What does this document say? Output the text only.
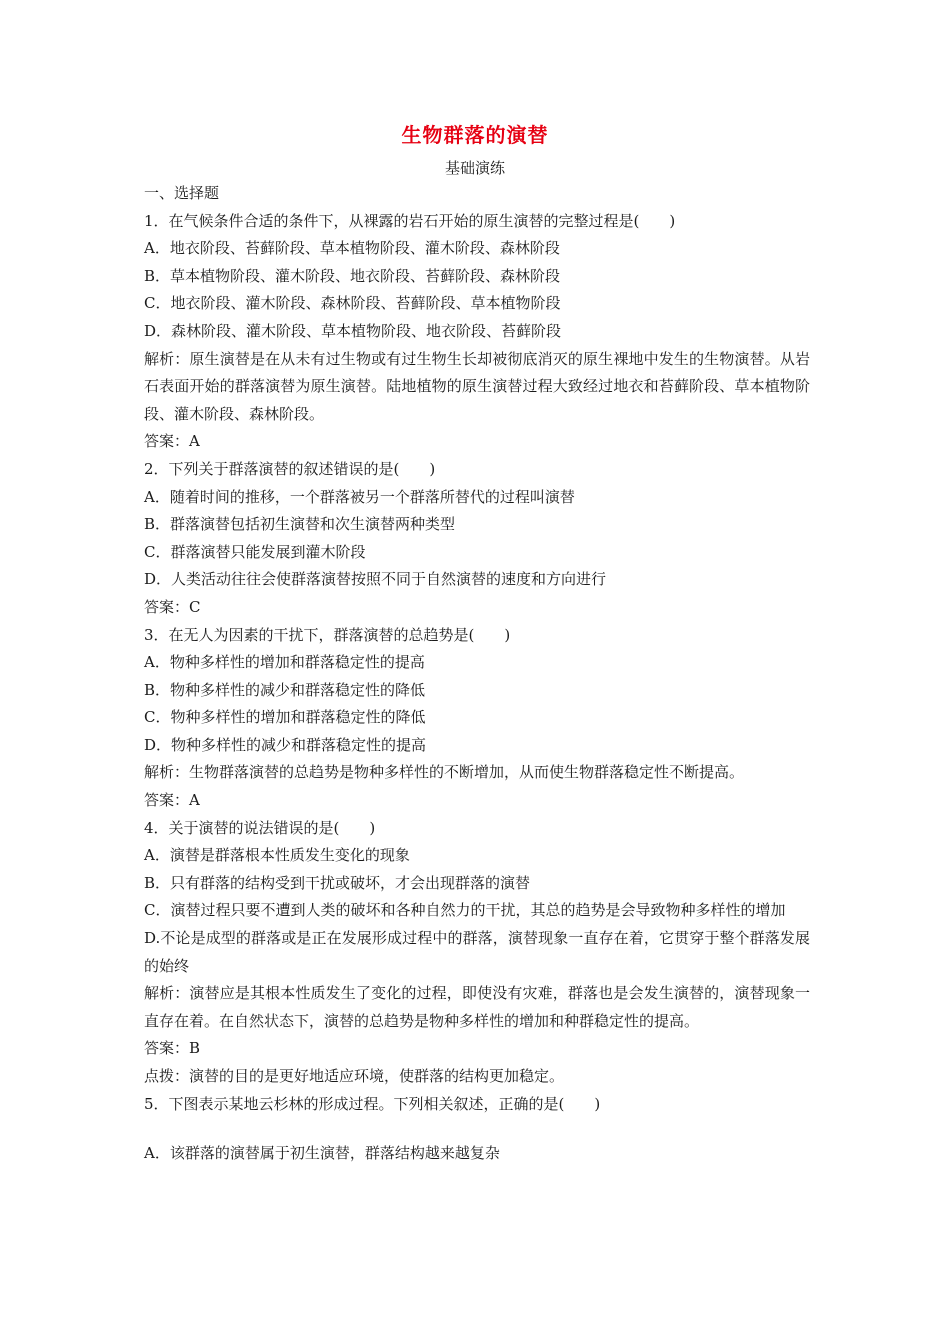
生物群落的演替
基础演练
一、选择题
1．在气候条件合适的条件下，从裸露的岩石开始的原生演替的完整过程是(　　)
A．地衣阶段、苔藓阶段、草本植物阶段、灌木阶段、森林阶段
B．草本植物阶段、灌木阶段、地衣阶段、苔藓阶段、森林阶段
C．地衣阶段、灌木阶段、森林阶段、苔藓阶段、草本植物阶段
D．森林阶段、灌木阶段、草本植物阶段、地衣阶段、苔藓阶段
解析：原生演替是在从未有过生物或有过生物生长却被彻底消灭的原生裸地中发生的生物演替。从岩石表面开始的群落演替为原生演替。陆地植物的原生演替过程大致经过地衣和苔藓阶段、草本植物阶段、灌木阶段、森林阶段。
答案：A
2．下列关于群落演替的叙述错误的是(　　)
A．随着时间的推移，一个群落被另一个群落所替代的过程叫演替
B．群落演替包括初生演替和次生演替两种类型
C．群落演替只能发展到灌木阶段
D．人类活动往往会使群落演替按照不同于自然演替的速度和方向进行
答案：C
3．在无人为因素的干扰下，群落演替的总趋势是(　　)
A．物种多样性的增加和群落稳定性的提高
B．物种多样性的减少和群落稳定性的降低
C．物种多样性的增加和群落稳定性的降低
D．物种多样性的减少和群落稳定性的提高
解析：生物群落演替的总趋势是物种多样性的不断增加，从而使生物群落稳定性不断提高。
答案：A
4．关于演替的说法错误的是(　　)
A．演替是群落根本性质发生变化的现象
B．只有群落的结构受到干扰或破坏，才会出现群落的演替
C．演替过程只要不遭到人类的破坏和各种自然力的干扰，其总的趋势是会导致物种多样性的增加
D.不论是成型的群落或是正在发展形成过程中的群落，演替现象一直存在着，它贯穿于整个群落发展的始终
解析：演替应是其根本性质发生了变化的过程，即使没有灾难，群落也是会发生演替的，演替现象一直存在着。在自然状态下，演替的总趋势是物种多样性的增加和种群稳定性的提高。
答案：B
点拨：演替的目的是更好地适应环境，使群落的结构更加稳定。
5．下图表示某地云杉林的形成过程。下列相关叙述，正确的是(　　)
A．该群落的演替属于初生演替，群落结构越来越复杂
